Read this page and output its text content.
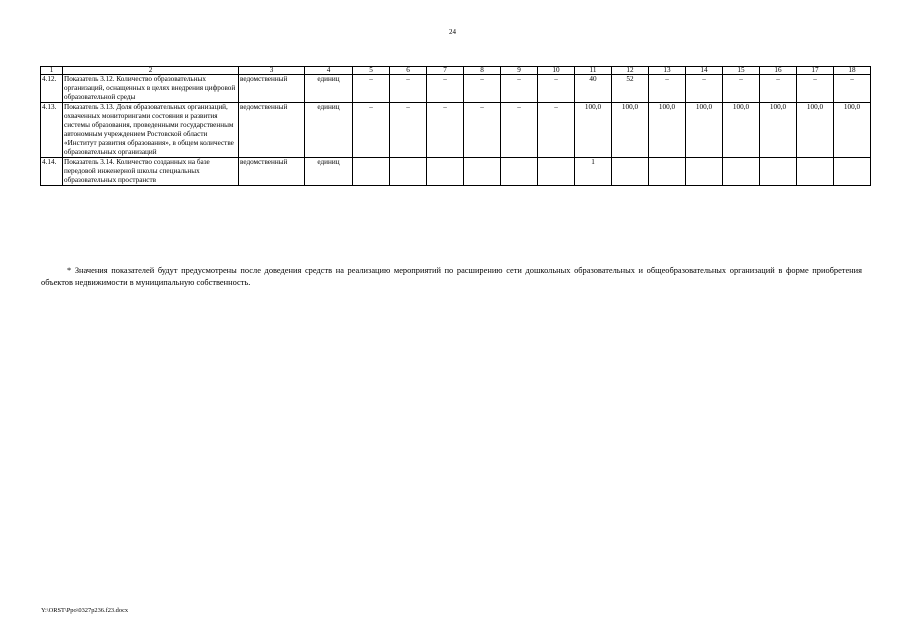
24
1	2	3	4	5	6	7	8	9	10	11	12	13	14	15	16	17	18
4.12.	Показатель 3.12. Количество образовательных организаций, оснащенных в целях внедрения цифровой образовательной среды	ведомственный	единиц	–	–	–	–	–	–	40	52	–	–	–	–	–	–
4.13.	Показатель 3.13. Доля образовательных организаций, охваченных мониторингами состояния и развития системы образования, проведенными государственным автономным учреждением Ростовской области «Институт развития образования», в общем количестве образовательных организаций	ведомственный	единиц	–	–	–	–	–	–	100,0	100,0	100,0	100,0	100,0	100,0	100,0	100,0
4.14.	Показатель 3.14. Количество созданных на базе передовой инженерной школы специальных образовательных пространств	ведомственный	единиц							1							
* Значения показателей будут предусмотрены после доведения средств на реализацию мероприятий по расширению сети дошкольных образовательных и общеобразовательных организаций в форме приобретения объектов недвижимости в муниципальную собственность.
Y:\ORST\Ppo\0327p236.f23.docx
